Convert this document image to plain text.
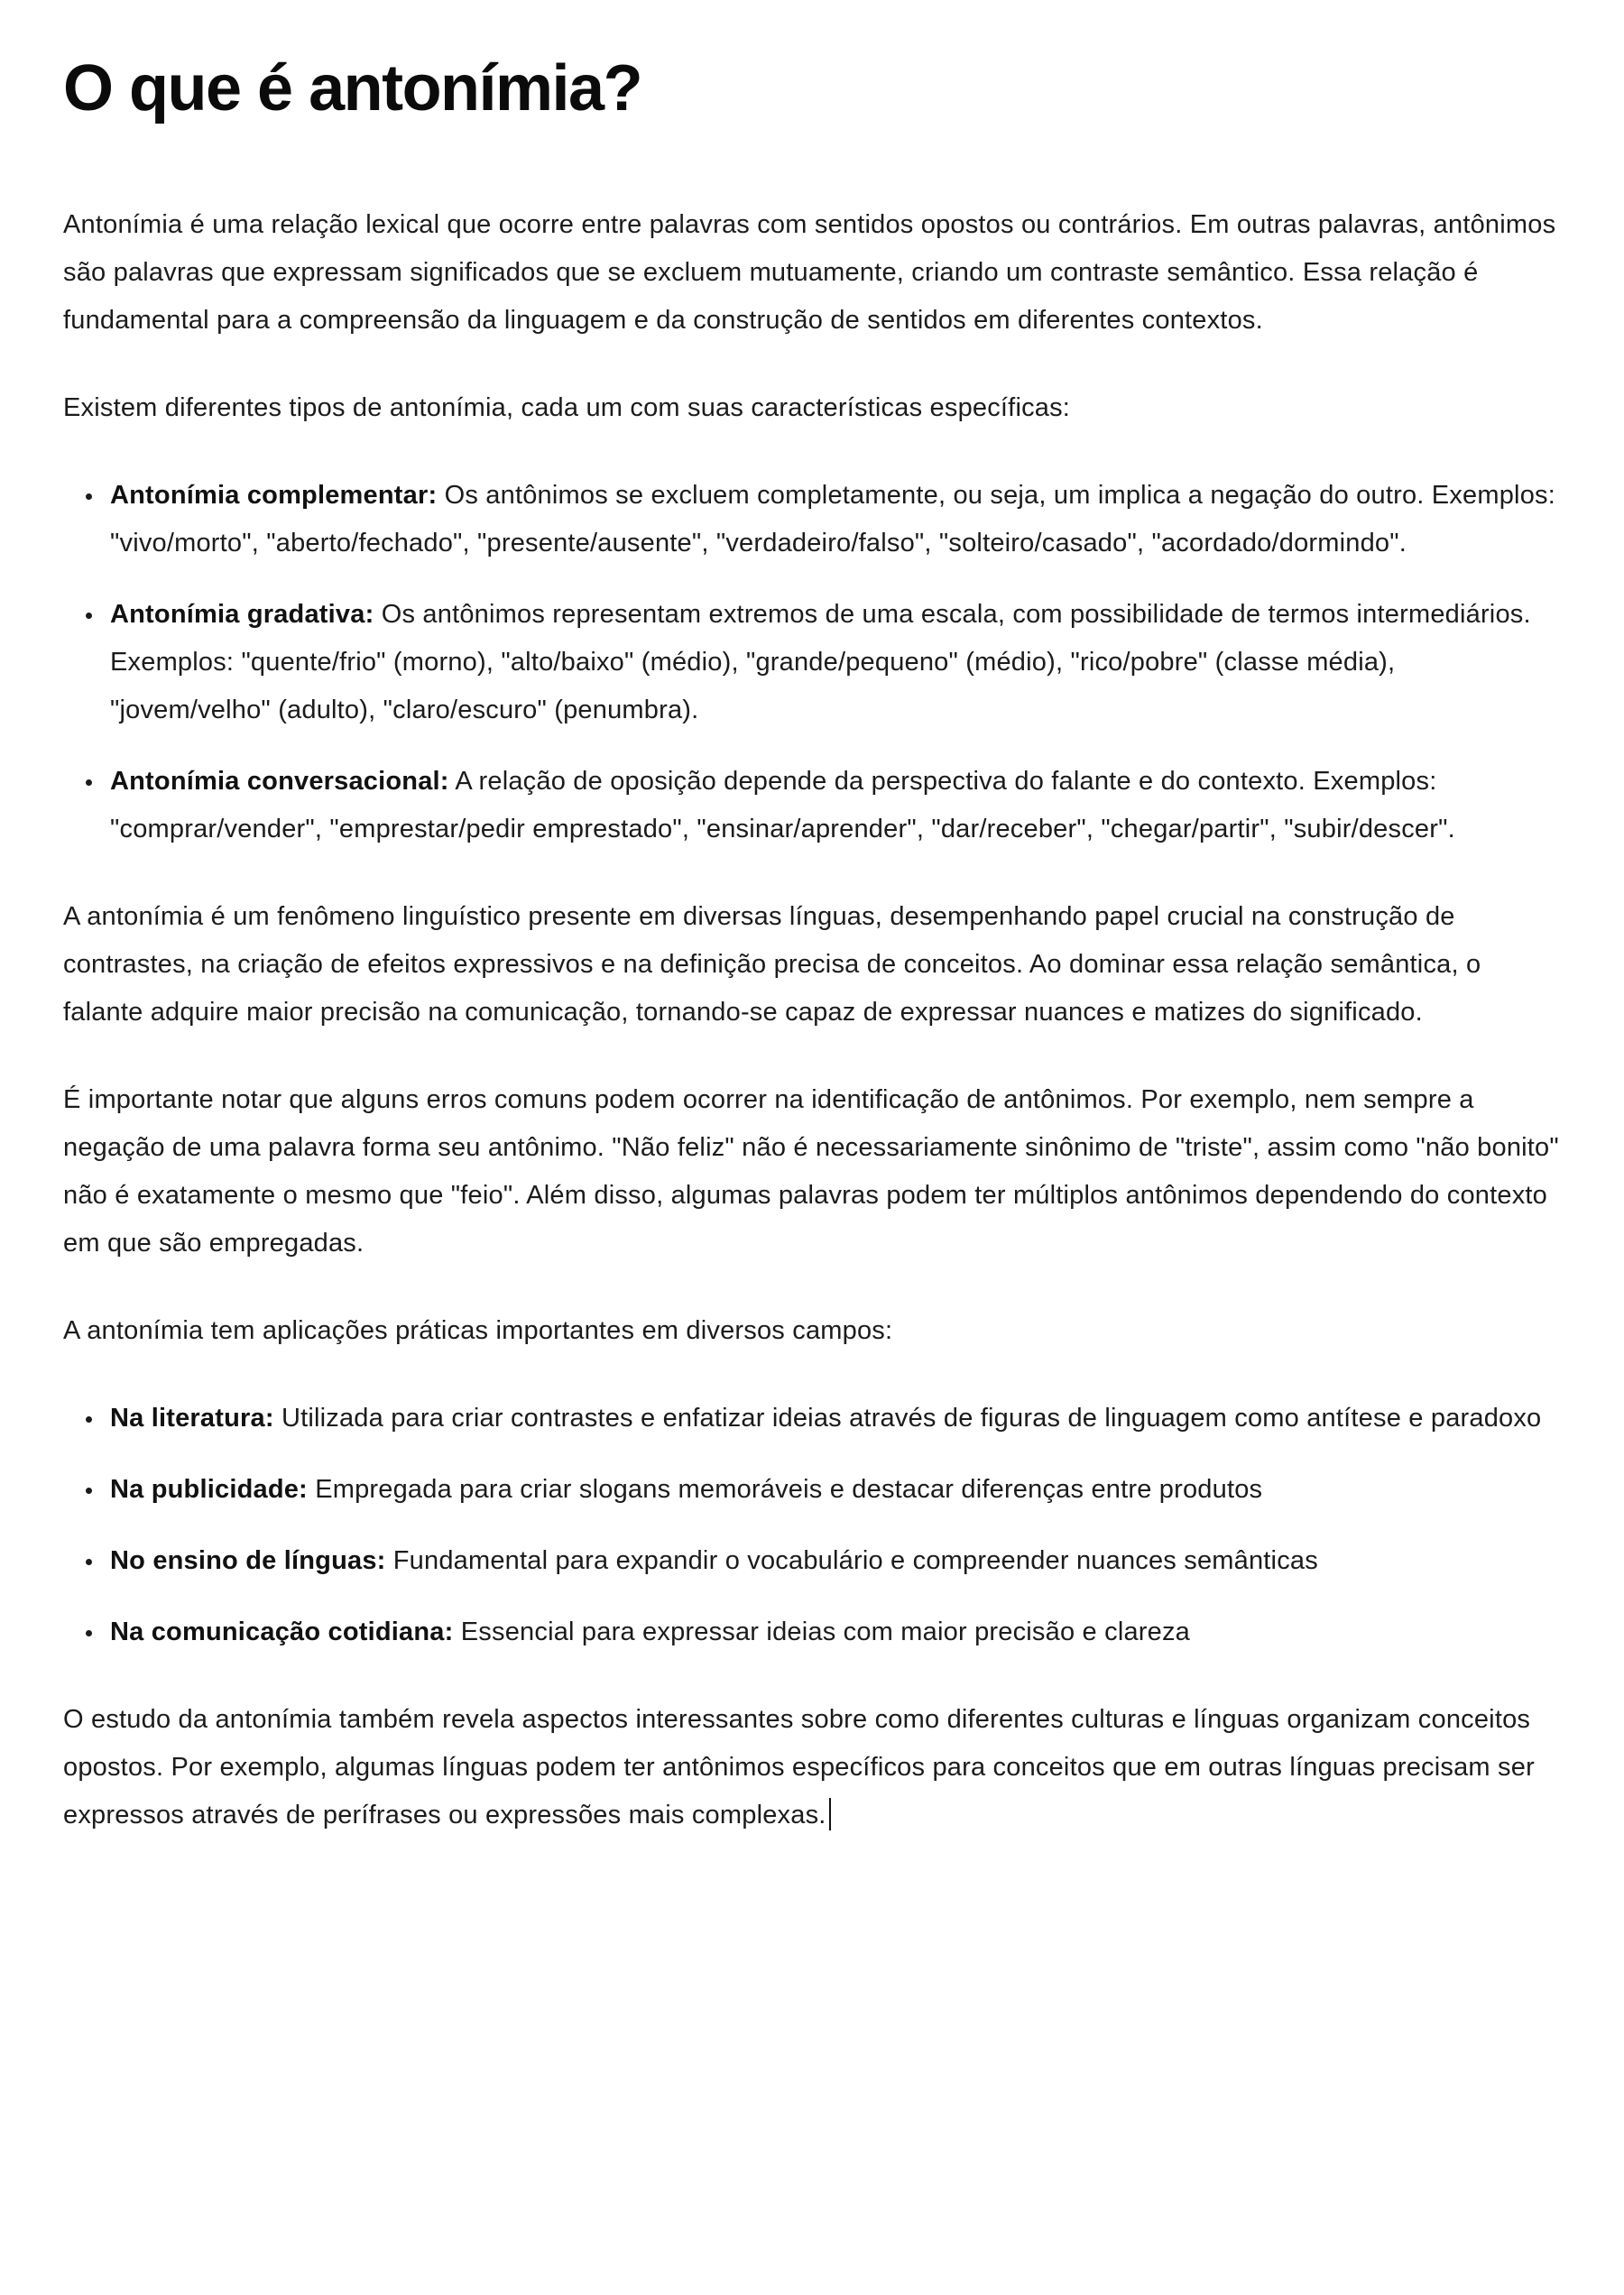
O que é antonímia?

Antonímia é uma relação lexical que ocorre entre palavras com sentidos opostos ou contrários. Em outras palavras, antônimos são palavras que expressam significados que se excluem mutuamente, criando um contraste semântico. Essa relação é fundamental para a compreensão da linguagem e da construção de sentidos em diferentes contextos.

Existem diferentes tipos de antonímia, cada um com suas características específicas:

• Antonímia complementar: Os antônimos se excluem completamente, ou seja, um implica a negação do outro. Exemplos: "vivo/morto", "aberto/fechado", "presente/ausente", "verdadeiro/falso", "solteiro/casado", "acordado/dormindo".
• Antonímia gradativa: Os antônimos representam extremos de uma escala, com possibilidade de termos intermediários. Exemplos: "quente/frio" (morno), "alto/baixo" (médio), "grande/pequeno" (médio), "rico/pobre" (classe média), "jovem/velho" (adulto), "claro/escuro" (penumbra).
• Antonímia conversacional: A relação de oposição depende da perspectiva do falante e do contexto. Exemplos: "comprar/vender", "emprestar/pedir emprestado", "ensinar/aprender", "dar/receber", "chegar/partir", "subir/descer".

A antonímia é um fenômeno linguístico presente em diversas línguas, desempenhando papel crucial na construção de contrastes, na criação de efeitos expressivos e na definição precisa de conceitos. Ao dominar essa relação semântica, o falante adquire maior precisão na comunicação, tornando-se capaz de expressar nuances e matizes do significado.

É importante notar que alguns erros comuns podem ocorrer na identificação de antônimos. Por exemplo, nem sempre a negação de uma palavra forma seu antônimo. "Não feliz" não é necessariamente sinônimo de "triste", assim como "não bonito" não é exatamente o mesmo que "feio". Além disso, algumas palavras podem ter múltiplos antônimos dependendo do contexto em que são empregadas.

A antonímia tem aplicações práticas importantes em diversos campos:

• Na literatura: Utilizada para criar contrastes e enfatizar ideias através de figuras de linguagem como antítese e paradoxo
• Na publicidade: Empregada para criar slogans memoráveis e destacar diferenças entre produtos
• No ensino de línguas: Fundamental para expandir o vocabulário e compreender nuances semânticas
• Na comunicação cotidiana: Essencial para expressar ideias com maior precisão e clareza

O estudo da antonímia também revela aspectos interessantes sobre como diferentes culturas e línguas organizam conceitos opostos. Por exemplo, algumas línguas podem ter antônimos específicos para conceitos que em outras línguas precisam ser expressos através de perífrases ou expressões mais complexas.
